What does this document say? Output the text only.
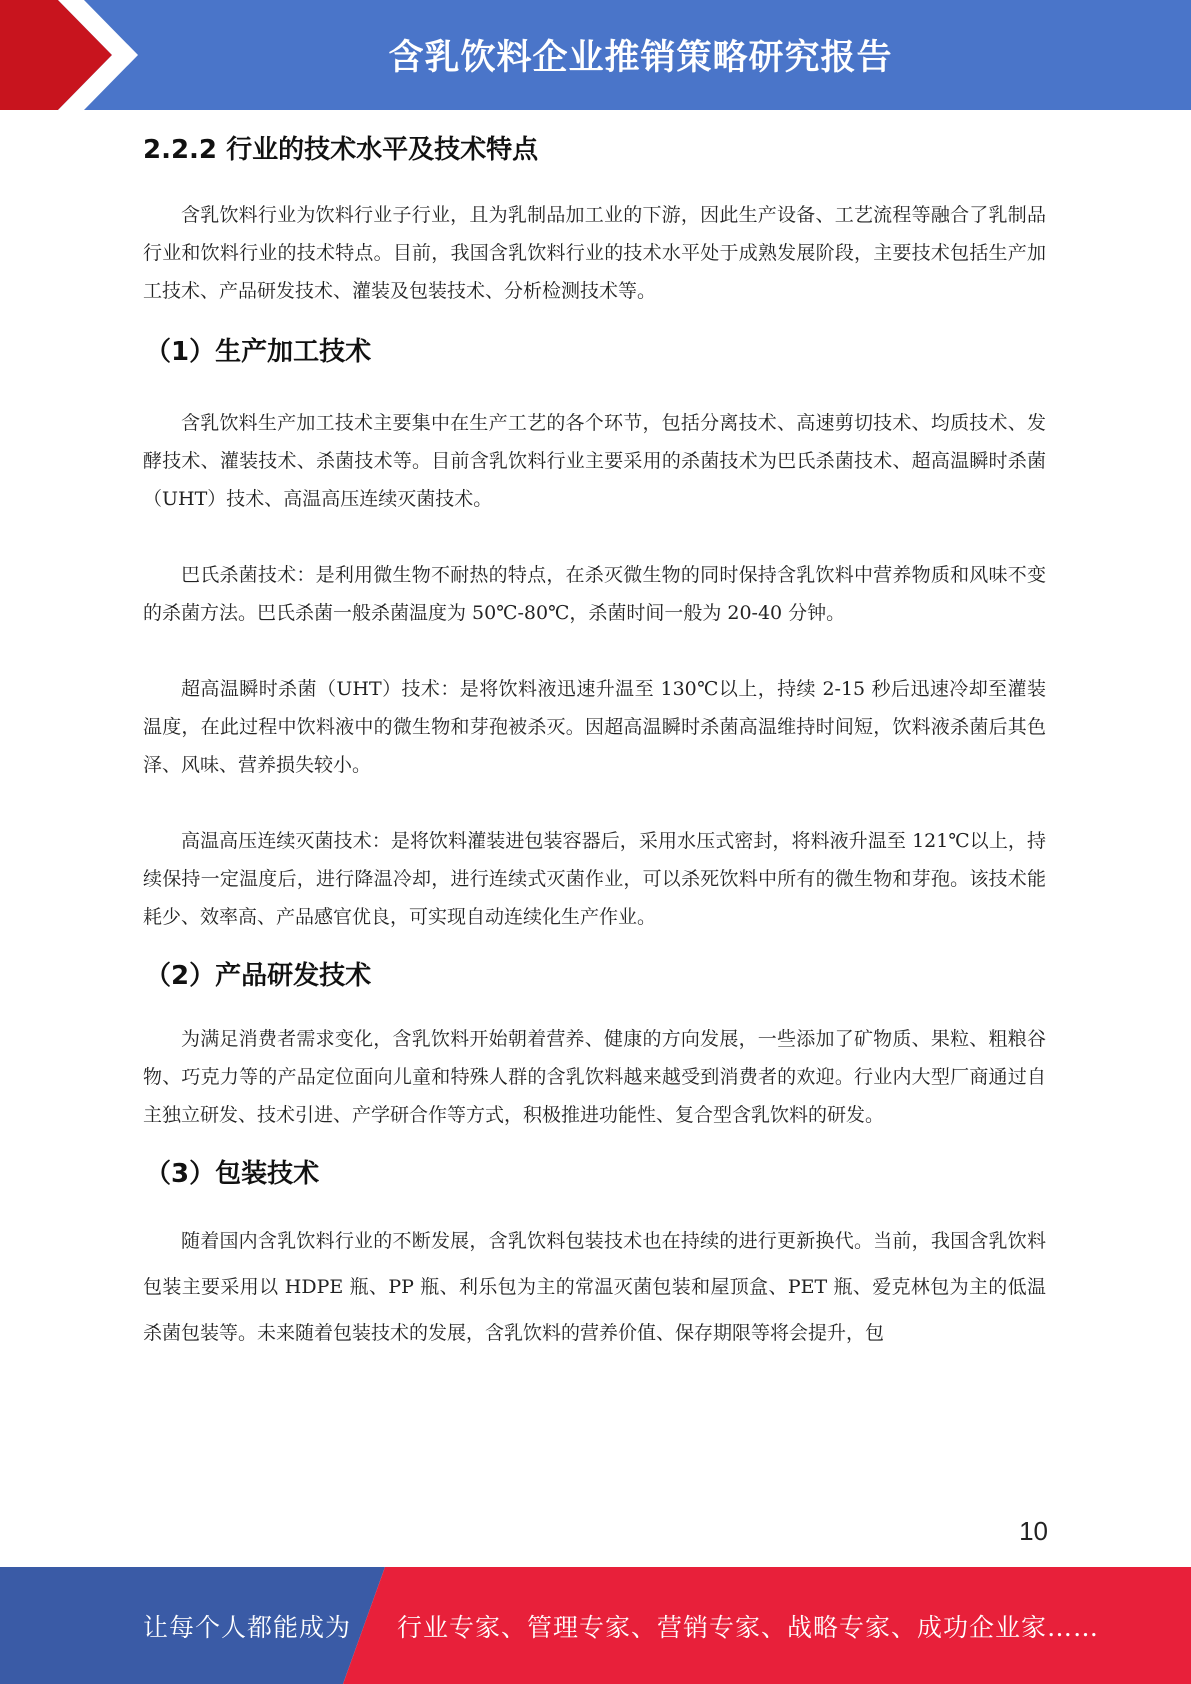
含乳饮料企业推销策略研究报告
2.2.2 行业的技术水平及技术特点

含乳饮料行业为饮料行业子行业，且为乳制品加工业的下游，因此生产设备、工艺流程等融合了乳制品行业和饮料行业的技术特点。目前，我国含乳饮料行业的技术水平处于成熟发展阶段，主要技术包括生产加工技术、产品研发技术、灌装及包装技术、分析检测技术等。

（1）生产加工技术

含乳饮料生产加工技术主要集中在生产工艺的各个环节，包括分离技术、高速剪切技术、均质技术、发酵技术、灌装技术、杀菌技术等。目前含乳饮料行业主要采用的杀菌技术为巴氏杀菌技术、超高温瞬时杀菌（UHT）技术、高温高压连续灭菌技术。

巴氏杀菌技术：是利用微生物不耐热的特点，在杀灭微生物的同时保持含乳饮料中营养物质和风味不变的杀菌方法。巴氏杀菌一般杀菌温度为 50℃-80℃，杀菌时间一般为 20-40 分钟。

超高温瞬时杀菌（UHT）技术：是将饮料液迅速升温至 130℃以上，持续 2-15 秒后迅速冷却至灌装温度，在此过程中饮料液中的微生物和芽孢被杀灭。因超高温瞬时杀菌高温维持时间短，饮料液杀菌后其色泽、风味、营养损失较小。

高温高压连续灭菌技术：是将饮料灌装进包装容器后，采用水压式密封，将料液升温至 121℃以上，持续保持一定温度后，进行降温冷却，进行连续式灭菌作业，可以杀死饮料中所有的微生物和芽孢。该技术能耗少、效率高、产品感官优良，可实现自动连续化生产作业。

（2）产品研发技术

为满足消费者需求变化，含乳饮料开始朝着营养、健康的方向发展，一些添加了矿物质、果粒、粗粮谷物、巧克力等的产品定位面向儿童和特殊人群的含乳饮料越来越受到消费者的欢迎。行业内大型厂商通过自主独立研发、技术引进、产学研合作等方式，积极推进功能性、复合型含乳饮料的研发。

（3）包装技术

随着国内含乳饮料行业的不断发展，含乳饮料包装技术也在持续的进行更新换代。当前，我国含乳饮料包装主要采用以 HDPE 瓶、PP 瓶、利乐包为主的常温灭菌包装和屋顶盒、PET 瓶、爱克林包为主的低温杀菌包装等。未来随着包装技术的发展，含乳饮料的营养价值、保存期限等将会提升，包

10
让每个人都能成为 行业专家、管理专家、营销专家、战略专家、成功企业家……
